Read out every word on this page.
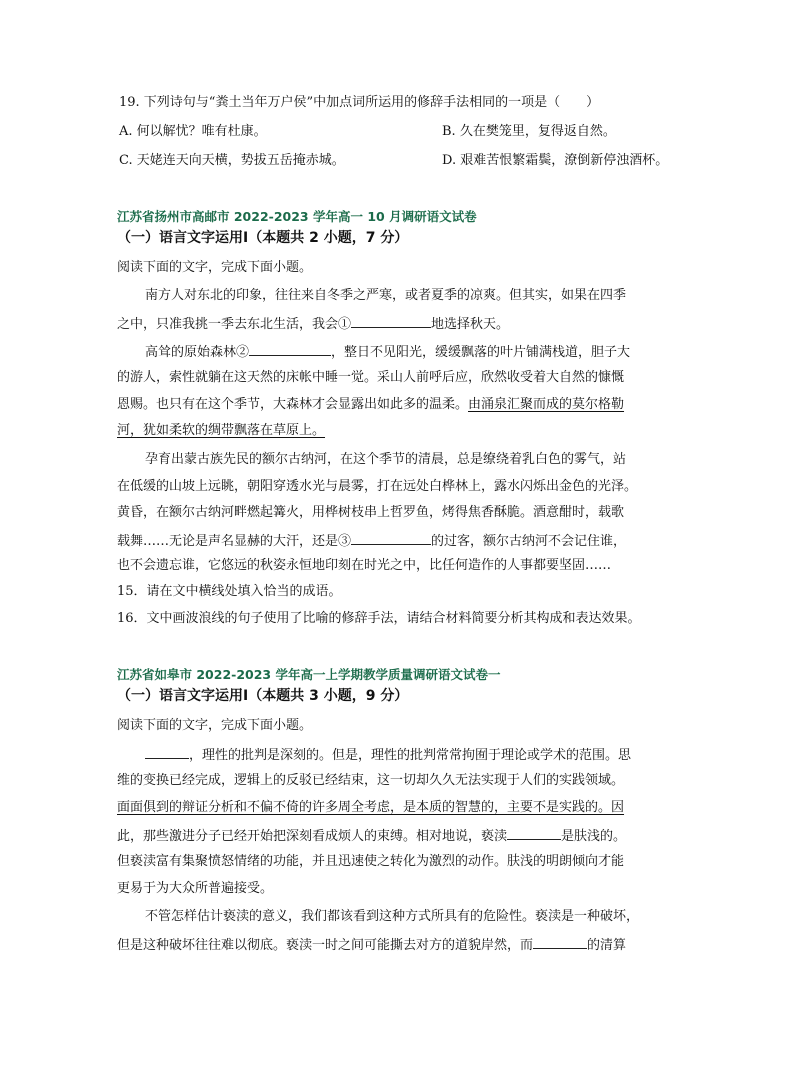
19. 下列诗句与“粪土当年万户侯”中加点词所运用的修辞手法相同的一项是（　　）
A. 何以解忧？唯有杜康。	B. 久在樊笼里，复得返自然。
C. 天姥连天向天横，势拔五岳掩赤城。	D. 艰难苦恨繁霜鬓，潦倒新停浊酒杯。
江苏省扬州市高邮市 2022-2023 学年高一 10 月调研语文试卷
（一）语言文字运用Ⅰ（本题共 2 小题，7 分）
阅读下面的文字，完成下面小题。
南方人对东北的印象，往往来自冬季之严寒，或者夏季的凉爽。但其实，如果在四季
之中，只准我挑一季去东北生活，我会①	地选择秋天。
高耸的原始森林②	，整日不见阳光，缓缓飘落的叶片铺满栈道，胆子大
的游人，索性就躺在这天然的床帐中睡一觉。采山人前呼后应，欣然收受着大自然的慷慨
恩赐。也只有在这个季节，大森林才会显露出如此多的温柔。由涌泉汇聚而成的莫尔格勒
河，犹如柔软的绸带飘落在草原上。
孕育出蒙古族先民的额尔古纳河，在这个季节的清晨，总是缭绕着乳白色的雾气，站
在低缓的山坡上远眺，朝阳穿透水光与晨雾，打在远处白桦林上，露水闪烁出金色的光泽。
黄昏，在额尔古纳河畔燃起篝火，用桦树枝串上哲罗鱼，烤得焦香酥脆。酒意酣时，载歌
载舞……无论是声名显赫的大汗，还是③	的过客，额尔古纳河不会记住谁，
也不会遗忘谁，它悠远的秋姿永恒地印刻在时光之中，比任何造作的人事都要坚固……
15．请在文中横线处填入恰当的成语。
16．文中画波浪线的句子使用了比喻的修辞手法，请结合材料简要分析其构成和表达效果。
江苏省如皋市 2022-2023 学年高一上学期教学质量调研语文试卷一
（一）语言文字运用Ⅰ（本题共 3 小题，9 分）
阅读下面的文字，完成下面小题。
，理性的批判是深刻的。但是，理性的批判常常拘囿于理论或学术的范围。思
维的变换已经完成，逻辑上的反驳已经结束，这一切却久久无法实现于人们的实践领域。
面面俱到的辩证分析和不偏不倚的许多周全考虑，是本质的智慧的，主要不是实践的。因
此，那些激进分子已经开始把深刻看成烦人的束缚。相对地说，亵渎	是肤浅的。
但亵渎富有集聚愤怒情绪的功能，并且迅速使之转化为激烈的动作。肤浅的明朗倾向才能
更易于为大众所普遍接受。
不管怎样估计亵渎的意义，我们都该看到这种方式所具有的危险性。亵渎是一种破坏，
但是这种破坏往往难以彻底。亵渎一时之间可能撕去对方的道貌岸然，而	的清算
